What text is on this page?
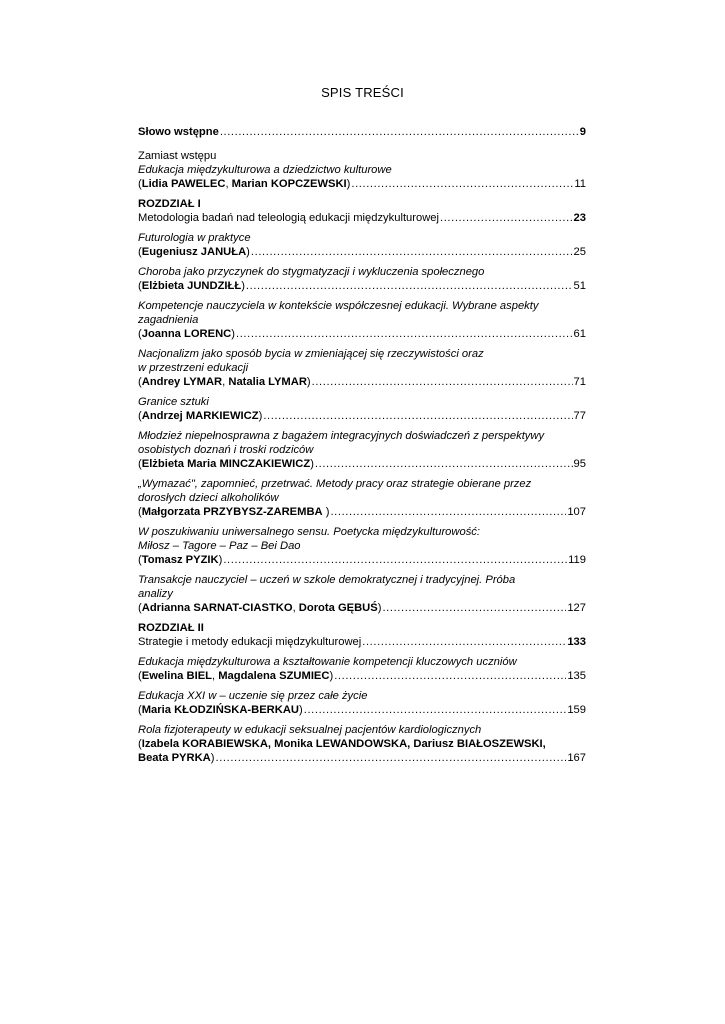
SPIS TREŚCI
Słowo wstępne .....	9
Zamiast wstępu
Edukacja międzykulturowa a dziedzictwo kulturowe
(Lidia PAWELEC, Marian KOPCZEWSKI) .....	11
ROZDZIAŁ I
Metodologia badań nad teleologią edukacji międzykulturowej .....	23
Futurologia w praktyce
(Eugeniusz JANUŁA) .....	25
Choroba jako przyczynek do stygmatyzacji i wykluczenia społecznego
(Elżbieta JUNDZIŁŁ) .....	51
Kompetencje nauczyciela w kontekście współczesnej edukacji. Wybrane aspekty
zagadnienia
(Joanna LORENC) .....	61
Nacjonalizm jako sposób bycia w zmieniającej się rzeczywistości oraz
w przestrzeni edukacji
(Andrey LYMAR, Natalia LYMAR) .....	71
Granice sztuki
(Andrzej MARKIEWICZ) .....	77
Młodzież niepełnosprawna z bagażem integracyjnych doświadczeń z perspektywy
osobistych doznań i troski rodziców
(Elżbieta Maria MINCZAKIEWICZ) .....	95
„Wymazać", zapomnieć, przetrwać. Metody pracy oraz strategie obierane przez
dorosłych dzieci alkoholików
(Małgorzata PRZYBYSZ-ZAREMBA ) .....	107
W poszukiwaniu uniwersalnego sensu. Poetycka międzykulturowość:
Miłosz – Tagore – Paz – Bei Dao
(Tomasz PYZIK) .....	119
Transakcje nauczyciel – uczeń w szkole demokratycznej i tradycyjnej. Próba
analizy
(Adrianna SARNAT-CIASTKO, Dorota GĘBUŚ) .....	127
ROZDZIAŁ II
Strategie i metody edukacji międzykulturowej .....	133
Edukacja międzykulturowa a kształtowanie kompetencji kluczowych uczniów
(Ewelina BIEL, Magdalena SZUMIEC) .....	135
Edukacja XXI w – uczenie się przez całe życie
(Maria KŁODZIŃSKA-BERKAU) .....	159
Rola fizjoterapeuty w edukacji seksualnej pacjentów kardiologicznych
(Izabela KORABIEWSKA, Monika LEWANDOWSKA, Dariusz BIAŁOSZEWSKI,
Beata PYRKA) .....	167
